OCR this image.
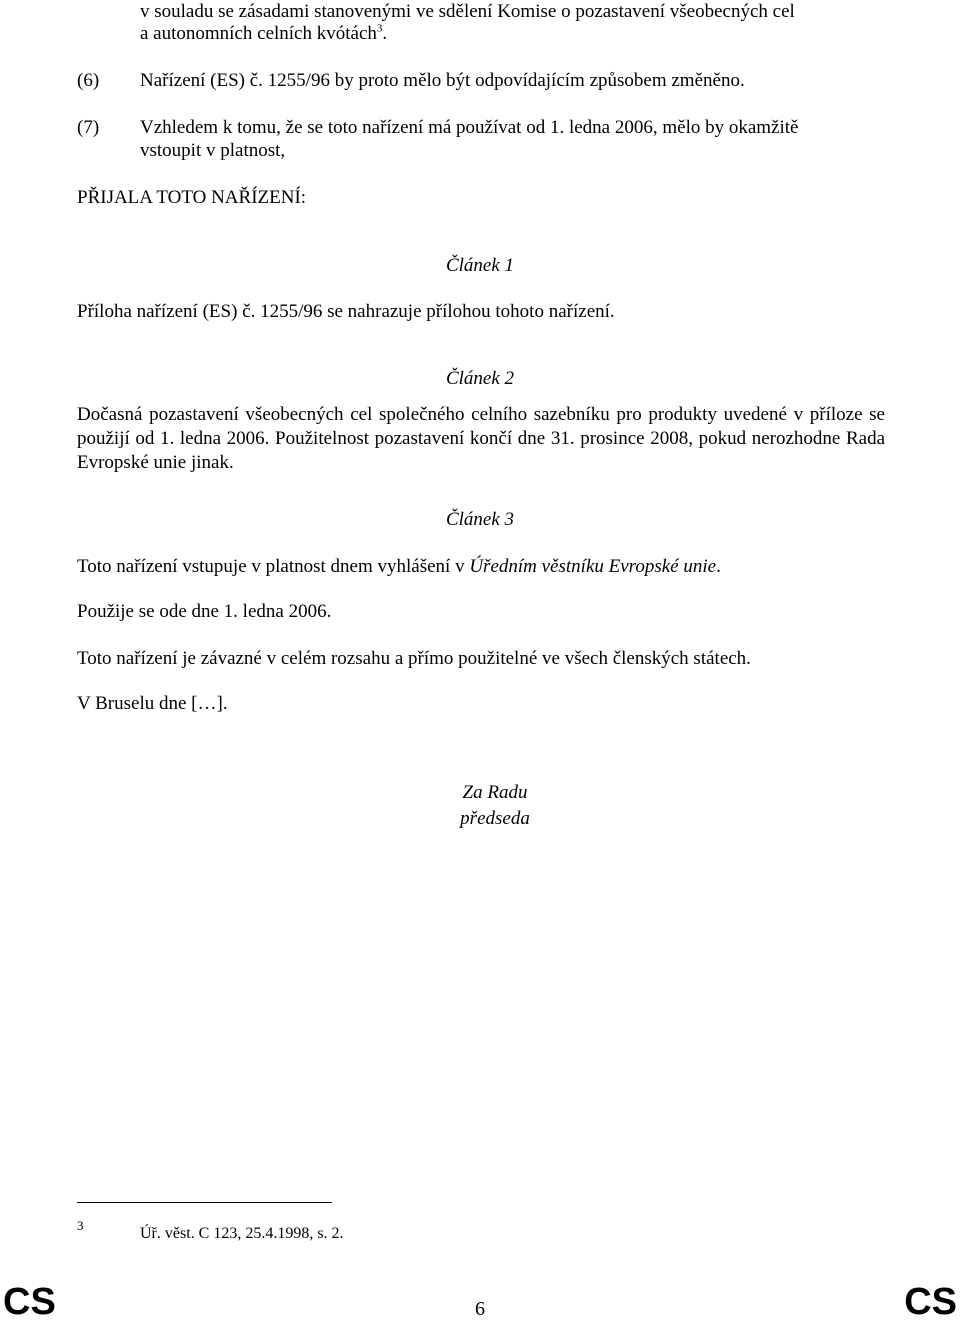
v souladu se zásadami stanovenými ve sdělení Komise o pozastavení všeobecných cel
a autonomních celních kvótách$^3$.
(6) Nařízení (ES) č. 1255/96 by proto mělo být odpovídajícím způsobem změněno.
(7) Vzhledem k tomu, že se toto nařízení má používat od 1. ledna 2006, mělo by okamžitě
vstoupit v platnost,
PŘIJALA TOTO NAŘÍZENÍ:
Článek 1
Příloha nařízení (ES) č. 1255/96 se nahrazuje přílohou tohoto nařízení.
Článek 2
Dočasná pozastavení všeobecných cel společného celního sazebníku pro produkty uvedené v příloze se použijí od 1. ledna 2006. Použitelnost pozastavení končí dne 31. prosince 2008, pokud nerozhodne Rada Evropské unie jinak.
Článek 3
Toto nařízení vstupuje v platnost dnem vyhlášení v Úředním věstníku Evropské unie.
Použije se ode dne 1. ledna 2006.
Toto nařízení je závazné v celém rozsahu a přímo použitelné ve všech členských státech.
V Bruselu dne […].
Za Radu
předseda
3	Úř. věst. C 123, 25.4.1998, s. 2.
CS	6	CS
